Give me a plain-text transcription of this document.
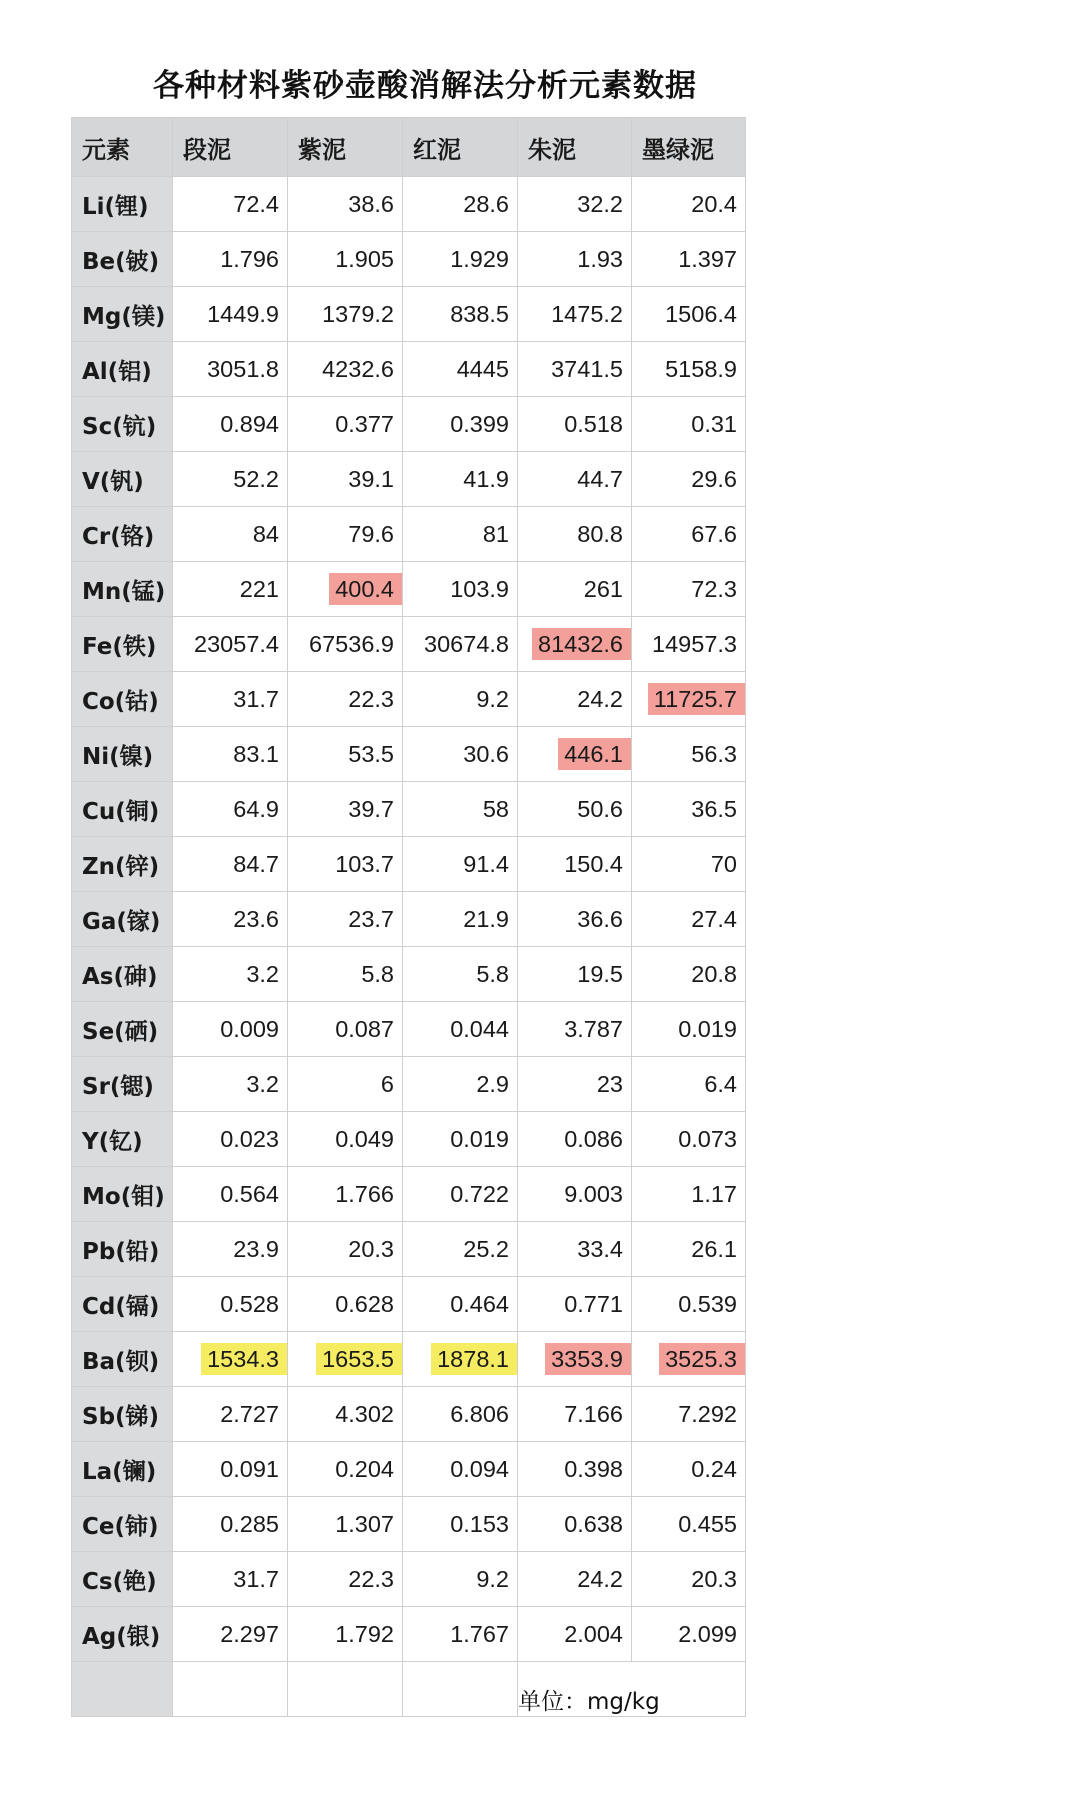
各种材料紫砂壶酸消解法分析元素数据
元素	段泥	紫泥	红泥	朱泥	墨绿泥
Li(锂)	72.4	38.6	28.6	32.2	20.4
Be(铍)	1.796	1.905	1.929	1.93	1.397
Mg(镁)	1449.9	1379.2	838.5	1475.2	1506.4
Al(铝)	3051.8	4232.6	4445	3741.5	5158.9
Sc(钪)	0.894	0.377	0.399	0.518	0.31
V(钒)	52.2	39.1	41.9	44.7	29.6
Cr(铬)	84	79.6	81	80.8	67.6
Mn(锰)	221	400.4	103.9	261	72.3
Fe(铁)	23057.4	67536.9	30674.8	81432.6	14957.3
Co(钴)	31.7	22.3	9.2	24.2	11725.7
Ni(镍)	83.1	53.5	30.6	446.1	56.3
Cu(铜)	64.9	39.7	58	50.6	36.5
Zn(锌)	84.7	103.7	91.4	150.4	70
Ga(镓)	23.6	23.7	21.9	36.6	27.4
As(砷)	3.2	5.8	5.8	19.5	20.8
Se(硒)	0.009	0.087	0.044	3.787	0.019
Sr(锶)	3.2	6	2.9	23	6.4
Y(钇)	0.023	0.049	0.019	0.086	0.073
Mo(钼)	0.564	1.766	0.722	9.003	1.17
Pb(铅)	23.9	20.3	25.2	33.4	26.1
Cd(镉)	0.528	0.628	0.464	0.771	0.539
Ba(钡)	1534.3	1653.5	1878.1	3353.9	3525.3
Sb(锑)	2.727	4.302	6.806	7.166	7.292
La(镧)	0.091	0.204	0.094	0.398	0.24
Ce(铈)	0.285	1.307	0.153	0.638	0.455
Cs(铯)	31.7	22.3	9.2	24.2	20.3
Ag(银)	2.297	1.792	1.767	2.004	2.099
				单位：mg/kg	
